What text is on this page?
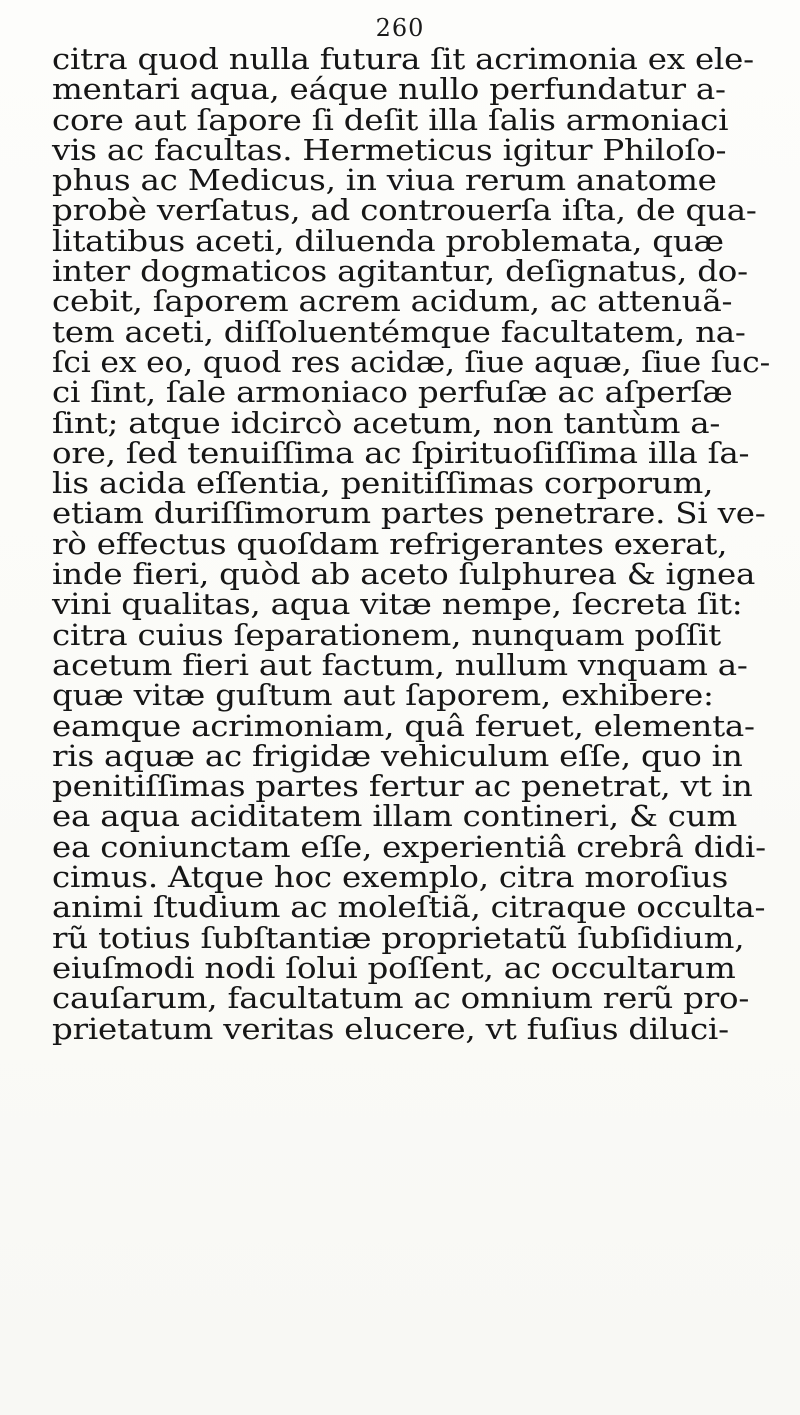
260
citra quod nulla futura ſit acrimonia ex ele-
mentari aqua, eáque nullo perfundatur a-
core aut ſapore ſi deſit illa ſalis armoniaci
vis ac facultas. Hermeticus igitur Philoſo-
phus ac Medicus, in viua rerum anatome
probè verſatus, ad controuerſa iſta, de qua-
litatibus aceti, diluenda problemata, quæ
inter dogmaticos agitantur, deſignatus, do-
cebit, ſaporem acrem acidum, ac attenuã-
tem aceti, diſſoluentémque facultatem, na-
ſci ex eo, quod res acidæ, ſiue aquæ, ſiue ſuc-
ci ſint, ſale armoniaco perfuſæ ac aſperſæ
ſint; atque idcircò acetum, non tantùm a-
ore, ſed tenuiſſima ac ſpirituoſiſſima illa ſa-
lis acida eſſentia, penitiſſimas corporum,
etiam duriſſimorum partes penetrare. Si ve-
rò effectus quoſdam refrigerantes exerat,
inde fieri, quòd ab aceto ſulphurea & ignea
vini qualitas, aqua vitæ nempe, ſecreta ſit:
citra cuius ſeparationem, nunquam poſſit
acetum fieri aut factum, nullum vnquam a-
quæ vitæ guſtum aut ſaporem, exhibere:
eamque acrimoniam, quâ feruet, elementa-
ris aquæ ac frigidæ vehiculum eſſe, quo in
penitiſſimas partes fertur ac penetrat, vt in
ea aqua aciditatem illam contineri, & cum
ea coniunctam eſſe, experientiâ crebrâ didi-
cimus. Atque hoc exemplo, citra moroſius
animi ſtudium ac moleſtiã, citraque occulta-
rũ totius ſubſtantiæ proprietatũ ſubſidium,
eiuſmodi nodi ſolui poſſent, ac occultarum
cauſarum, facultatum ac omnium rerũ pro-
prietatum veritas elucere, vt fuſius diluci-
